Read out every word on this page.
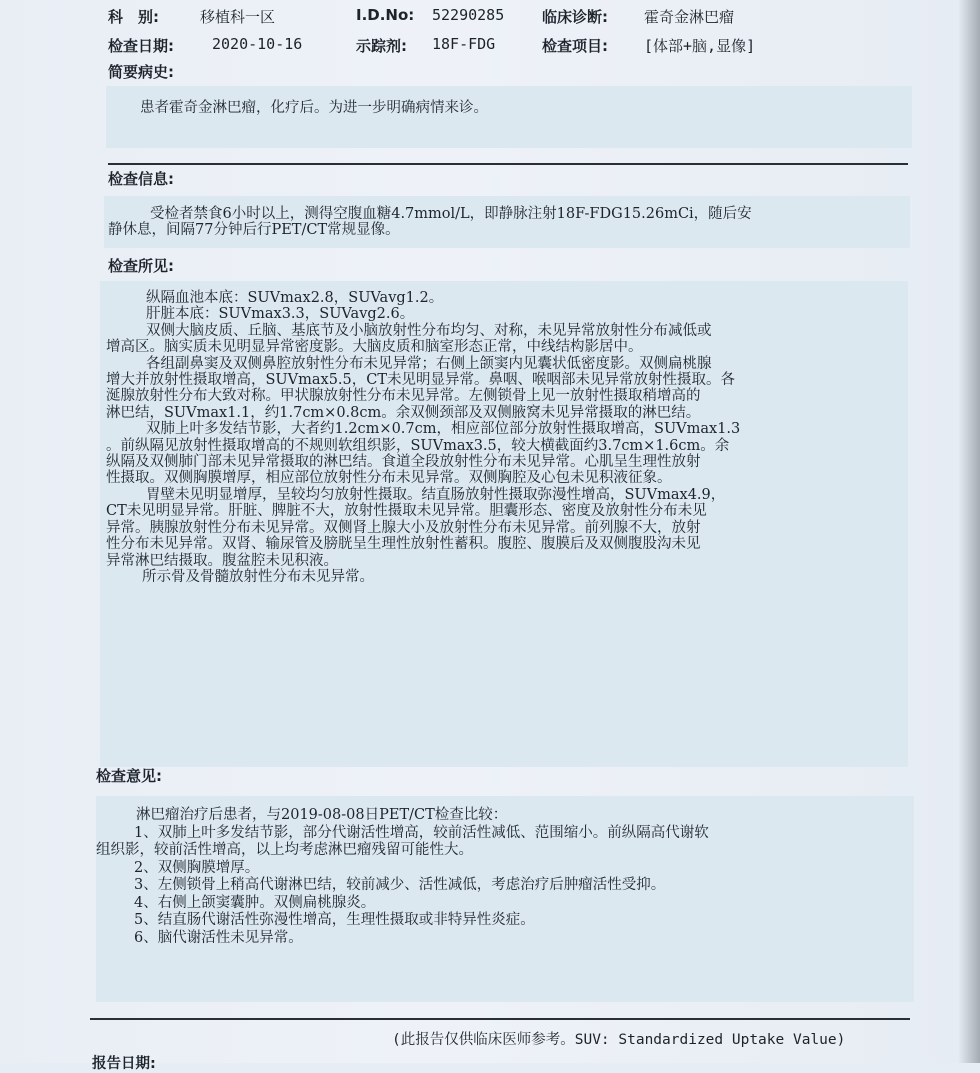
科　别:	移植科一区	I.D.No: 52290285	临床诊断: 霍奇金淋巴瘤
检查日期:	2020-10-16	示踪剂: 18F-FDG	检查项目: [体部+脑,显像]
简要病史:

患者霍奇金淋巴瘤，化疗后。为进一步明确病情来诊。

检查信息:

受检者禁食6小时以上，测得空腹血糖4.7mmol/L，即静脉注射18F-FDG15.26mCi，随后安

静休息，间隔77分钟后行PET/CT常规显像。

检查所见:

纵隔血池本底：SUVmax2.8，SUVavg1.2。

肝脏本底：SUVmax3.3，SUVavg2.6。

双侧大脑皮质、丘脑、基底节及小脑放射性分布均匀、对称，未见异常放射性分布减低或

增高区。脑实质未见明显异常密度影。大脑皮质和脑室形态正常，中线结构影居中。

各组副鼻窦及双侧鼻腔放射性分布未见异常；右侧上颌窦内见囊状低密度影。双侧扁桃腺

增大并放射性摄取增高，SUVmax5.5，CT未见明显异常。鼻咽、喉咽部未见异常放射性摄取。各

涎腺放射性分布大致对称。甲状腺放射性分布未见异常。左侧锁骨上见一放射性摄取稍增高的

淋巴结，SUVmax1.1，约1.7cm×0.8cm。余双侧颈部及双侧腋窝未见异常摄取的淋巴结。

双肺上叶多发结节影，大者约1.2cm×0.7cm，相应部位部分放射性摄取增高，SUVmax1.3

。前纵隔见放射性摄取增高的不规则软组织影，SUVmax3.5，较大横截面约3.7cm×1.6cm。余

纵隔及双侧肺门部未见异常摄取的淋巴结。食道全段放射性分布未见异常。心肌呈生理性放射

性摄取。双侧胸膜增厚，相应部位放射性分布未见异常。双侧胸腔及心包未见积液征象。

胃壁未见明显增厚，呈较均匀放射性摄取。结直肠放射性摄取弥漫性增高，SUVmax4.9，

CT未见明显异常。肝脏、脾脏不大，放射性摄取未见异常。胆囊形态、密度及放射性分布未见

异常。胰腺放射性分布未见异常。双侧肾上腺大小及放射性分布未见异常。前列腺不大，放射

性分布未见异常。双肾、输尿管及膀胱呈生理性放射性蓄积。腹腔、腹膜后及双侧腹股沟未见

异常淋巴结摄取。腹盆腔未见积液。

所示骨及骨髓放射性分布未见异常。

检查意见:

淋巴瘤治疗后患者，与2019-08-08日PET/CT检查比较：

1、双肺上叶多发结节影，部分代谢活性增高，较前活性减低、范围缩小。前纵隔高代谢软

组织影，较前活性增高，以上均考虑淋巴瘤残留可能性大。

2、双侧胸膜增厚。

3、左侧锁骨上稍高代谢淋巴结，较前减少、活性减低，考虑治疗后肿瘤活性受抑。

4、右侧上颌窦囊肿。双侧扁桃腺炎。

5、结直肠代谢活性弥漫性增高，生理性摄取或非特异性炎症。

6、脑代谢活性未见异常。

(此报告仅供临床医师参考。SUV: Standardized Uptake Value)
报告日期:
